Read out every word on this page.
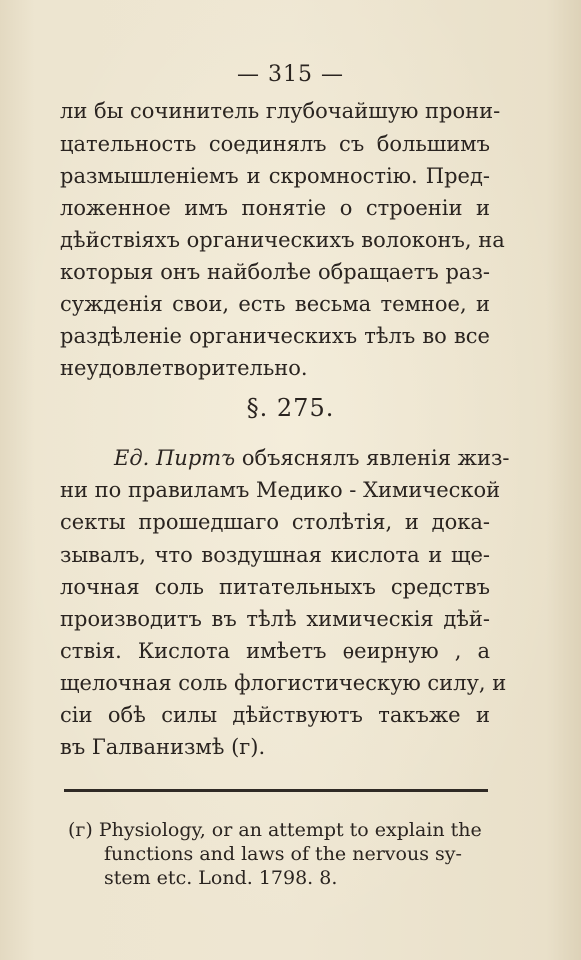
— 315 —
ли бы сочинитель глубочайшую прони-
цательность соединялъ съ большимъ
размышленіемъ и скромностію. Пред-
ложенное имъ понятіе о строеніи и
дѣйствіяхъ органическихъ волоконъ, на
которыя онъ найболѣе обращаетъ раз-
сужденія свои, есть весьма темное, и
раздѣленіе органическихъ тѣлъ во все
неудовлетворительно.
§. 275.
Ед. Пиртъ объяснялъ явленія жиз-
ни по правиламъ Медико - Химической
секты прошедшаго столѣтія, и дока-
зывалъ, что воздушная кислота и ще-
лочная соль питательныхъ средствъ
производитъ въ тѣлѣ химическія дѣй-
ствія. Кислота имѣетъ ѳеирную , а
щелочная соль флогистическую силу, и
сіи обѣ силы дѣйствуютъ такъже и
въ Галванизмѣ (г).
(г) Physiology, or an attempt to explain the
functions and laws of the nervous sy-
stem etc. Lond. 1798. 8.
